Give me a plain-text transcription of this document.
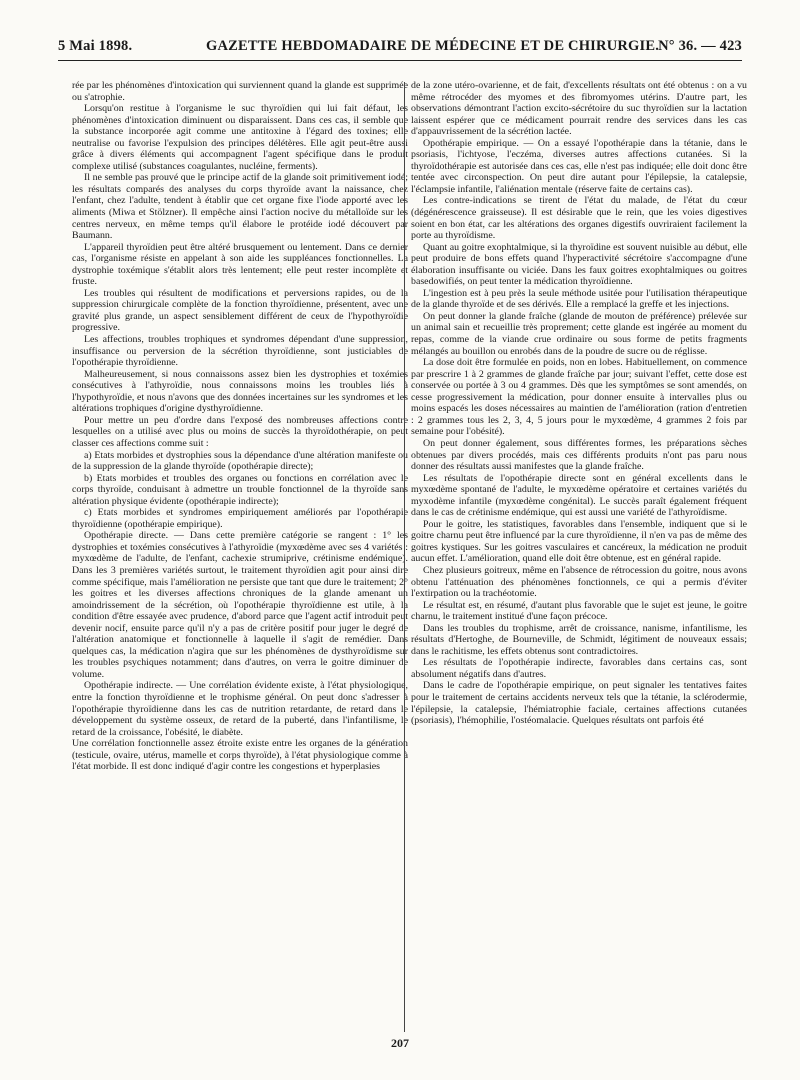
5 Mai 1898.	GAZETTE HEBDOMADAIRE DE MÉDECINE ET DE CHIRURGIE. N° 36. — 423

rée par les phénomènes d'intoxication qui surviennent quand la glande est supprimée ou s'atrophie.

Lorsqu'on restitue à l'organisme le suc thyroïdien qui lui fait défaut, les phénomènes d'intoxication diminuent ou disparaissent. Dans ces cas, il semble que la substance incorporée agit comme une antitoxine à l'égard des toxines; elle neutralise ou favorise l'expulsion des principes délétères. Elle agit peut-être aussi grâce à divers éléments qui accompagnent l'agent spécifique dans le produit complexe utilisé (substances coagulantes, nucléine, ferments).

Il ne semble pas prouvé que le principe actif de la glande soit primitivement iodé; les résultats comparés des analyses du corps thyroïde avant la naissance, chez l'enfant, chez l'adulte, tendent à établir que cet organe fixe l'iode apporté avec les aliments (Miwa et Stölzner). Il empêche ainsi l'action nocive du métalloïde sur les centres nerveux, en même temps qu'il élabore le protéide iodé découvert par Baumann.

L'appareil thyroïdien peut être altéré brusquement ou lentement. Dans ce dernier cas, l'organisme résiste en appelant à son aide les suppléances fonctionnelles. La dystrophie toxémique s'établit alors très lentement; elle peut rester incomplète et fruste.

Les troubles qui résultent de modifications et perversions rapides, ou de la suppression chirurgicale complète de la fonction thyroïdienne, présentent, avec une gravité plus grande, un aspect sensiblement différent de ceux de l'hypothyroïdie progressive.

Les affections, troubles trophiques et syndromes dépendant d'une suppression, insuffisance ou perversion de la sécrétion thyroïdienne, sont justiciables de l'opothérapie thyroïdienne.

Malheureusement, si nous connaissons assez bien les dystrophies et toxémies consécutives à l'athyroïdie, nous connaissons moins les troubles liés à l'hypothyroïdie, et nous n'avons que des données incertaines sur les syndromes et les altérations trophiques d'origine dysthyroïdienne.

Pour mettre un peu d'ordre dans l'exposé des nombreuses affections contre lesquelles on a utilisé avec plus ou moins de succès la thyroïdothérapie, on peut classer ces affections comme suit :

a) Etats morbides et dystrophies sous la dépendance d'une altération manifeste ou de la suppression de la glande thyroïde (opothérapie directe);

b) Etats morbides et troubles des organes ou fonctions en corrélation avec le corps thyroïde, conduisant à admettre un trouble fonctionnel de la thyroïde sans altération physique évidente (opothérapie indirecte);

c) Etats morbides et syndromes empiriquement améliorés par l'opothérapie thyroïdienne (opothérapie empirique).

Opothérapie directe. — Dans cette première catégorie se rangent : 1° les dystrophies et toxémies consécutives à l'athyroïdie (myxœdème avec ses 4 variétés : myxœdème de l'adulte, de l'enfant, cachexie strumiprive, crétinisme endémique). Dans les 3 premières variétés surtout, le traitement thyroïdien agit pour ainsi dire comme spécifique, mais l'amélioration ne persiste que tant que dure le traitement; 2° les goitres et les diverses affections chroniques de la glande amenant un amoindrissement de la sécrétion, où l'opothérapie thyroïdienne est utile, à la condition d'être essayée avec prudence, d'abord parce que l'agent actif introduit peut devenir nocif, ensuite parce qu'il n'y a pas de critère positif pour juger le degré de l'altération anatomique et fonctionnelle à laquelle il s'agit de remédier. Dans quelques cas, la médication n'agira que sur les phénomènes de dysthyroïdisme sur les troubles psychiques notamment; dans d'autres, on verra le goitre diminuer de volume.

Opothérapie indirecte. — Une corrélation évidente existe, à l'état physiologique, entre la fonction thyroïdienne et le trophisme général. On peut donc s'adresser à l'opothérapie thyroïdienne dans les cas de nutrition retardante, de retard dans le développement du système osseux, de retard de la puberté, dans l'infantilisme, le retard de la croissance, l'obésité, le diabète.

Une corrélation fonctionnelle assez étroite existe entre les organes de la génération (testicule, ovaire, utérus, mamelle et corps thyroïde), à l'état physiologique comme à l'état morbide. Il est donc indiqué d'agir contre les congestions et hyperplasies

de la zone utéro-ovarienne, et de fait, d'excellents résultats ont été obtenus : on a vu même rétrocéder des myomes et des fibromyomes utérins. D'autre part, les observations démontrant l'action excito-sécrétoire du suc thyroïdien sur la lactation laissent espérer que ce médicament pourrait rendre des services dans les cas d'appauvrissement de la sécrétion lactée.

Opothérapie empirique. — On a essayé l'opothérapie dans la tétanie, dans le psoriasis, l'ichtyose, l'eczéma, diverses autres affections cutanées. Si la thyroïdothérapie est autorisée dans ces cas, elle n'est pas indiquée; elle doit donc être tentée avec circonspection. On peut dire autant pour l'épilepsie, la catalepsie, l'éclampsie infantile, l'aliénation mentale (réserve faite de certains cas).

Les contre-indications se tirent de l'état du malade, de l'état du cœur (dégénérescence graisseuse). Il est désirable que le rein, que les voies digestives soient en bon état, car les altérations des organes digestifs ouvriraient facilement la porte au thyroïdisme.

Quant au goitre exophtalmique, si la thyroïdine est souvent nuisible au début, elle peut produire de bons effets quand l'hyperactivité sécrétoire s'accompagne d'une élaboration insuffisante ou viciée. Dans les faux goitres exophtalmiques ou goitres basedowifiés, on peut tenter la médication thyroïdienne.

L'ingestion est à peu près la seule méthode usitée pour l'utilisation thérapeutique de la glande thyroïde et de ses dérivés. Elle a remplacé la greffe et les injections.

On peut donner la glande fraîche (glande de mouton de préférence) prélevée sur un animal sain et recueillie très proprement; cette glande est ingérée au moment du repas, comme de la viande crue ordinaire ou sous forme de petits fragments mélangés au bouillon ou enrobés dans de la poudre de sucre ou de réglisse.

La dose doit être formulée en poids, non en lobes. Habituellement, on commence par prescrire 1 à 2 grammes de glande fraîche par jour; suivant l'effet, cette dose est conservée ou portée à 3 ou 4 grammes. Dès que les symptômes se sont amendés, on cesse progressivement la médication, pour donner ensuite à intervalles plus ou moins espacés les doses nécessaires au maintien de l'amélioration (ration d'entretien : 2 grammes tous les 2, 3, 4, 5 jours pour le myxœdème, 4 grammes 2 fois par semaine pour l'obésité).

On peut donner également, sous différentes formes, les préparations sèches obtenues par divers procédés, mais ces différents produits n'ont pas paru nous donner des résultats aussi manifestes que la glande fraîche.

Les résultats de l'opothérapie directe sont en général excellents dans le myxœdème spontané de l'adulte, le myxœdème opératoire et certaines variétés du myxodème infantile (myxœdème congénital). Le succès paraît également fréquent dans le cas de crétinisme endémique, qui est aussi une variété de l'athyroïdisme.

Pour le goitre, les statistiques, favorables dans l'ensemble, indiquent que si le goitre charnu peut être influencé par la cure thyroïdienne, il n'en va pas de même des goitres kystiques. Sur les goitres vasculaires et cancéreux, la médication ne produit aucun effet. L'amélioration, quand elle doit être obtenue, est en général rapide.

Chez plusieurs goitreux, même en l'absence de rétrocession du goitre, nous avons obtenu l'atténuation des phénomènes fonctionnels, ce qui a permis d'éviter l'extirpation ou la trachéotomie.

Le résultat est, en résumé, d'autant plus favorable que le sujet est jeune, le goitre charnu, le traitement institué d'une façon précoce.

Dans les troubles du trophisme, arrêt de croissance, nanisme, infantilisme, les résultats d'Hertoghe, de Bourneville, de Schmidt, légitiment de nouveaux essais; dans le rachitisme, les effets obtenus sont contradictoires.

Les résultats de l'opothérapie indirecte, favorables dans certains cas, sont absolument négatifs dans d'autres.

Dans le cadre de l'opothérapie empirique, on peut signaler les tentatives faites pour le traitement de certains accidents nerveux tels que la tétanie, la sclérodermie, l'épilepsie, la catalepsie, l'hémiatrophie faciale, certaines affections cutanées (psoriasis), l'hémophilie, l'ostéomalacie. Quelques résultats ont parfois été

207
